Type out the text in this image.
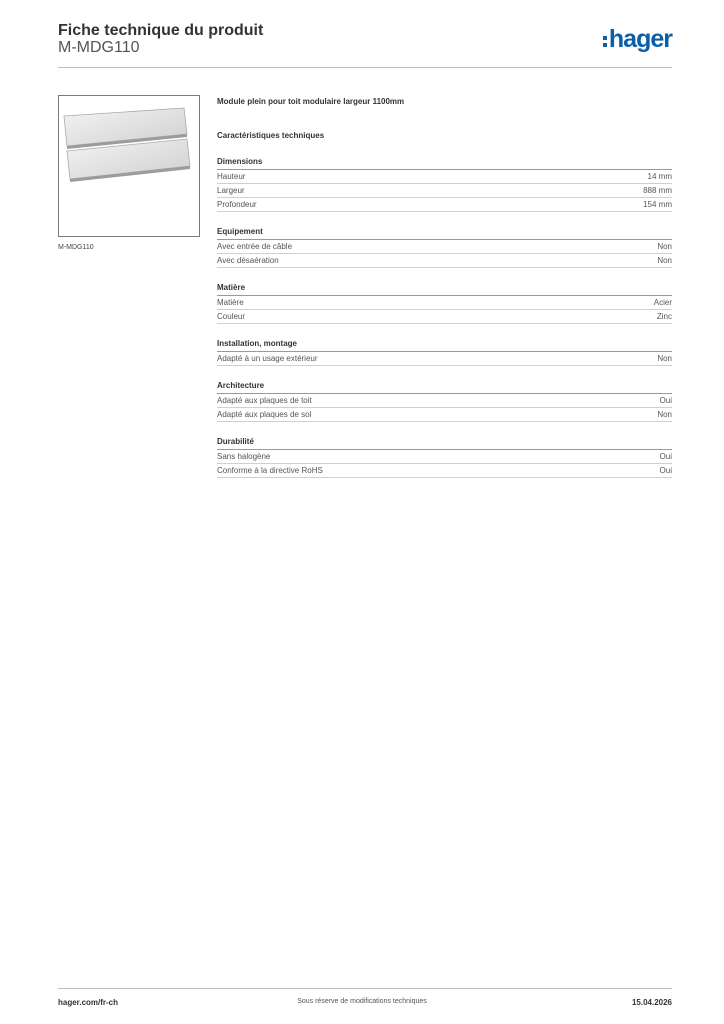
Fiche technique du produit
M-MDG110	hager
M-MDG110
Module plein pour toit modulaire largeur 1100mm
Caractéristiques techniques
Dimensions
Hauteur	14 mm
Largeur	888 mm
Profondeur	154 mm
Equipement
Avec entrée de câble	Non
Avec désaération	Non
Matière
Matière	Acier
Couleur	Zinc
Installation, montage
Adapté à un usage extérieur	Non
Architecture
Adapté aux plaques de toit	Oui
Adapté aux plaques de sol	Non
Durabilité
Sans halogène	Oui
Conforme à la directive RoHS	Oui
hager.com/fr-ch	Sous réserve de modifications techniques	15.04.2026
